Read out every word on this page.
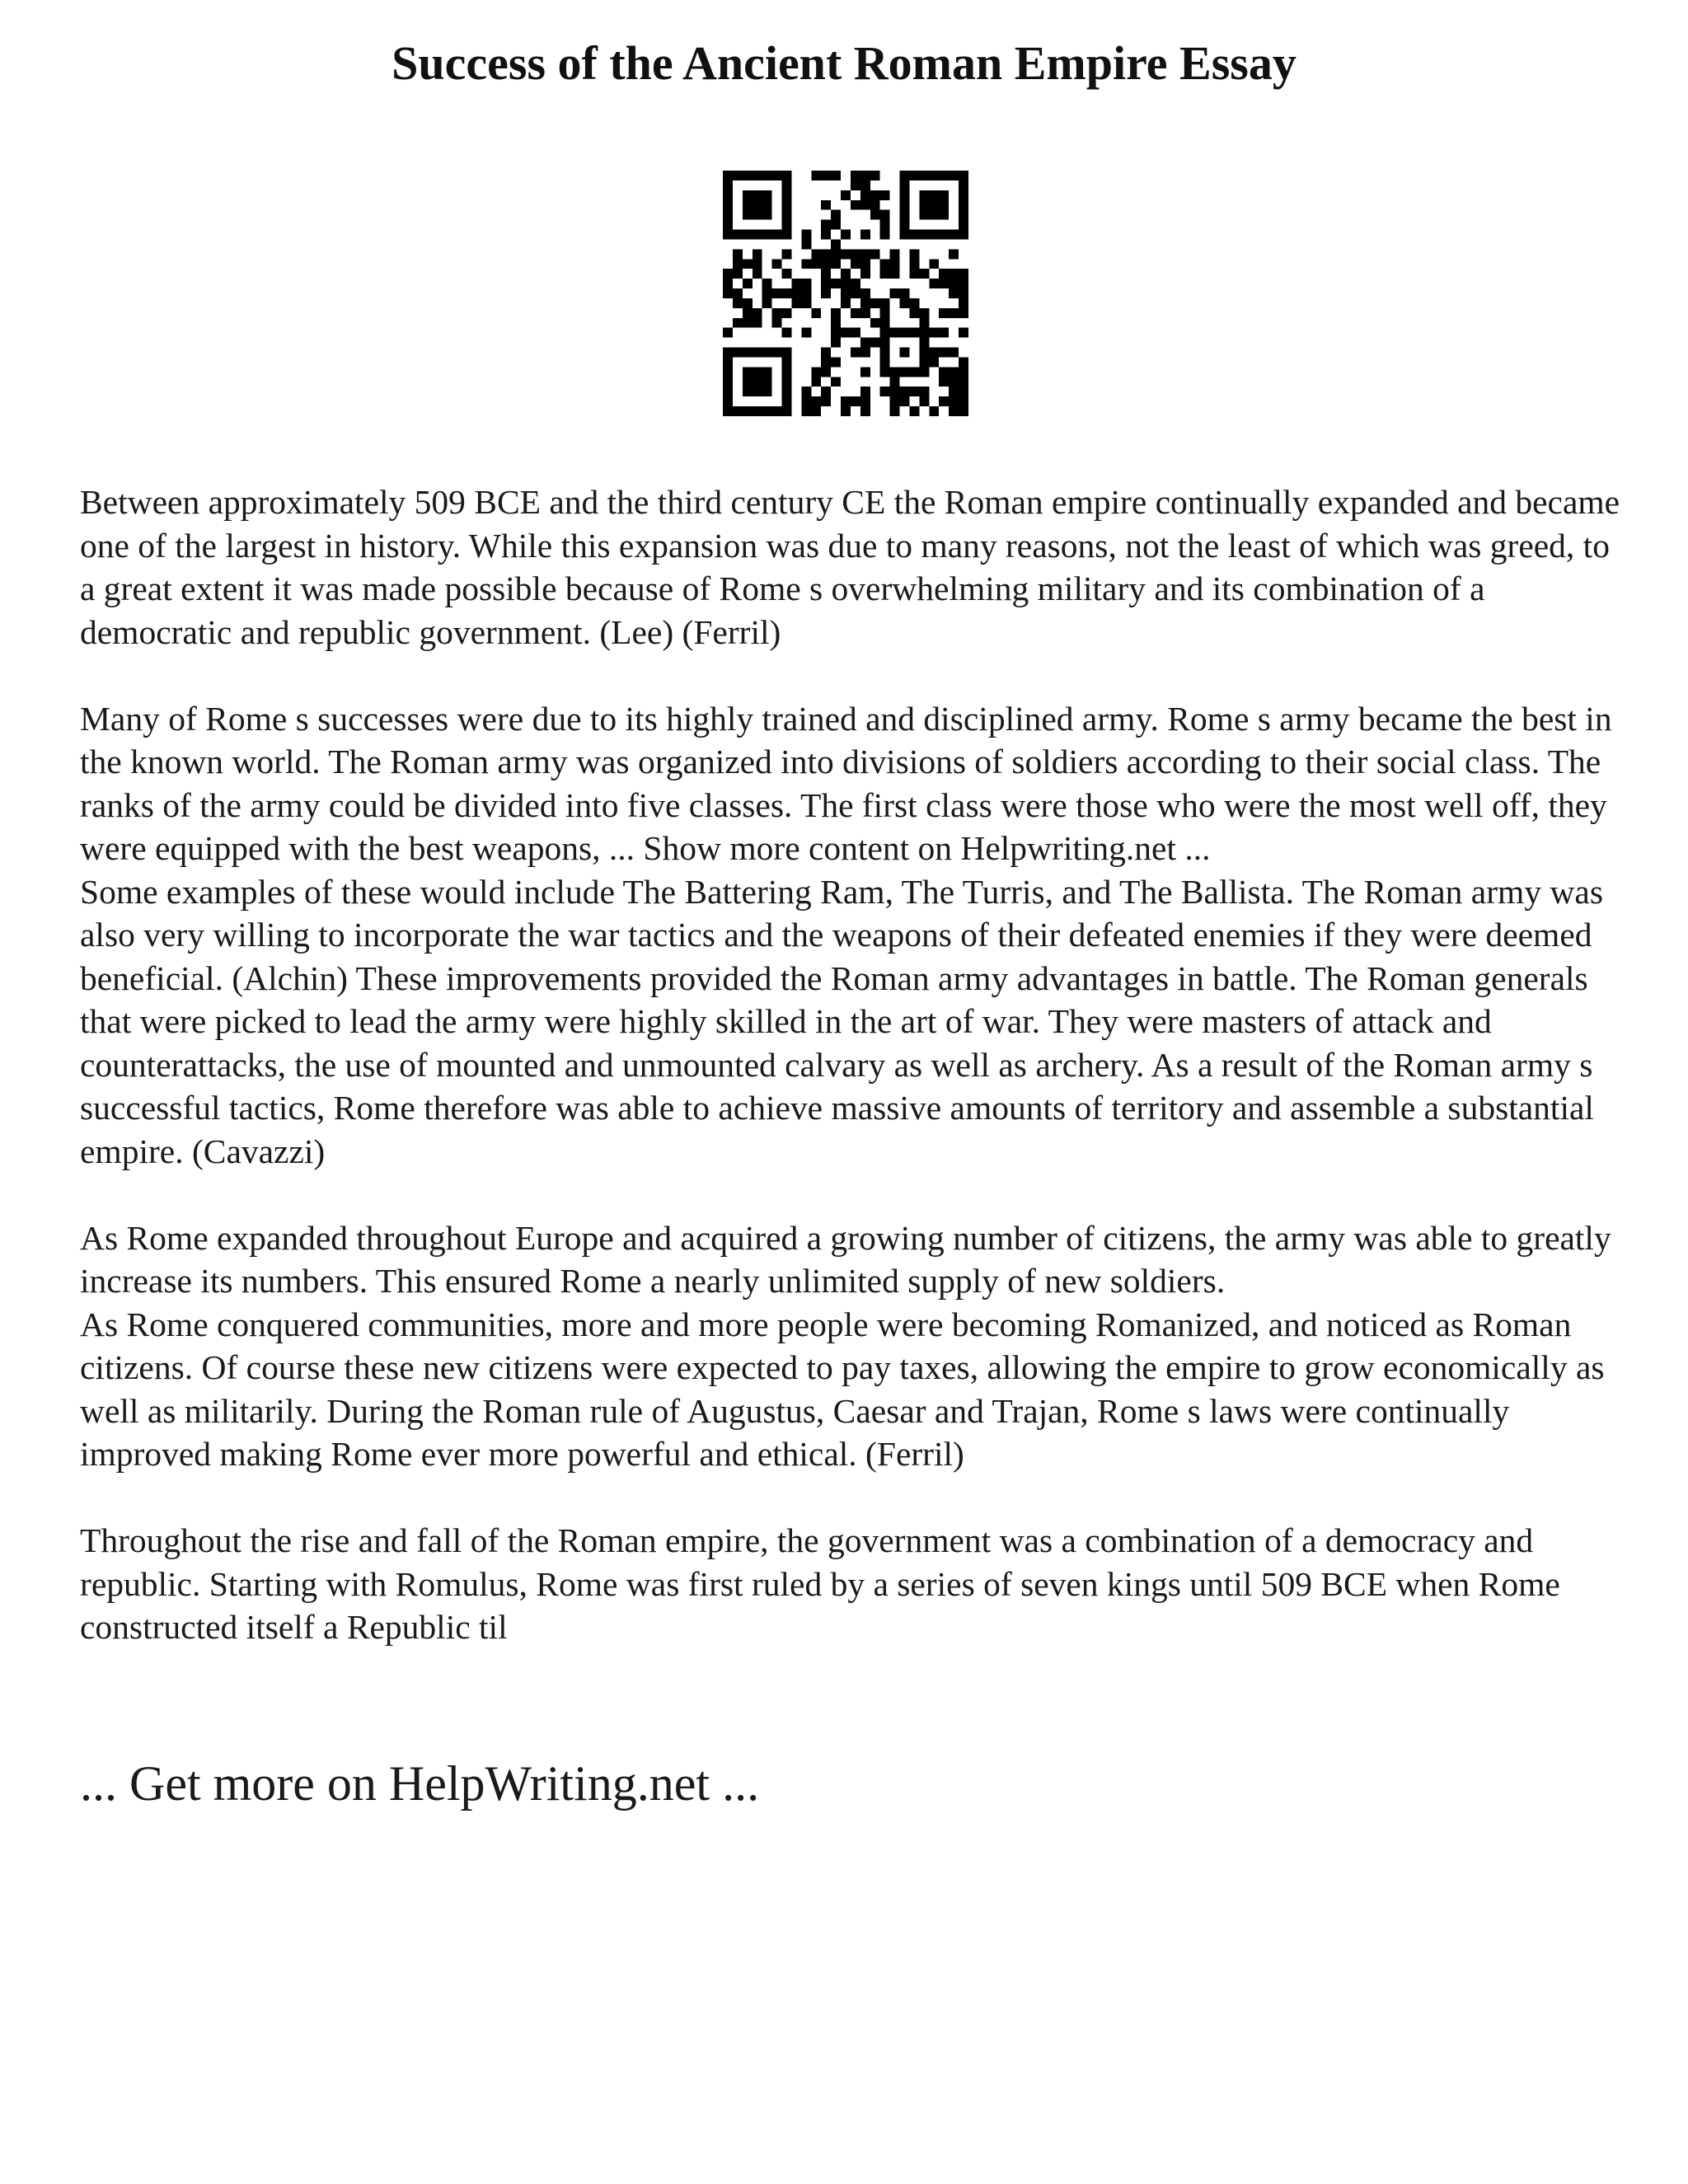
Success of the Ancient Roman Empire Essay

Between approximately 509 BCE and the third century CE the Roman empire continually expanded and became one of the largest in history. While this expansion was due to many reasons, not the least of which was greed, to a great extent it was made possible because of Rome s overwhelming military and its combination of a democratic and republic government. (Lee) (Ferril)

Many of Rome s successes were due to its highly trained and disciplined army. Rome s army became the best in the known world. The Roman army was organized into divisions of soldiers according to their social class. The ranks of the army could be divided into five classes. The first class were those who were the most well off, they were equipped with the best weapons, ... Show more content on Helpwriting.net ...

Some examples of these would include The Battering Ram, The Turris, and The Ballista. The Roman army was also very willing to incorporate the war tactics and the weapons of their defeated enemies if they were deemed beneficial. (Alchin) These improvements provided the Roman army advantages in battle. The Roman generals that were picked to lead the army were highly skilled in the art of war. They were masters of attack and counterattacks, the use of mounted and unmounted calvary as well as archery. As a result of the Roman army s successful tactics, Rome therefore was able to achieve massive amounts of territory and assemble a substantial empire. (Cavazzi)

As Rome expanded throughout Europe and acquired a growing number of citizens, the army was able to greatly increase its numbers. This ensured Rome a nearly unlimited supply of new soldiers.

As Rome conquered communities, more and more people were becoming Romanized, and noticed as Roman citizens. Of course these new citizens were expected to pay taxes, allowing the empire to grow economically as well as militarily. During the Roman rule of Augustus, Caesar and Trajan, Rome s laws were continually improved making Rome ever more powerful and ethical. (Ferril)

Throughout the rise and fall of the Roman empire, the government was a combination of a democracy and republic. Starting with Romulus, Rome was first ruled by a series of seven kings until 509 BCE when Rome constructed itself a Republic til

... Get more on HelpWriting.net ...
